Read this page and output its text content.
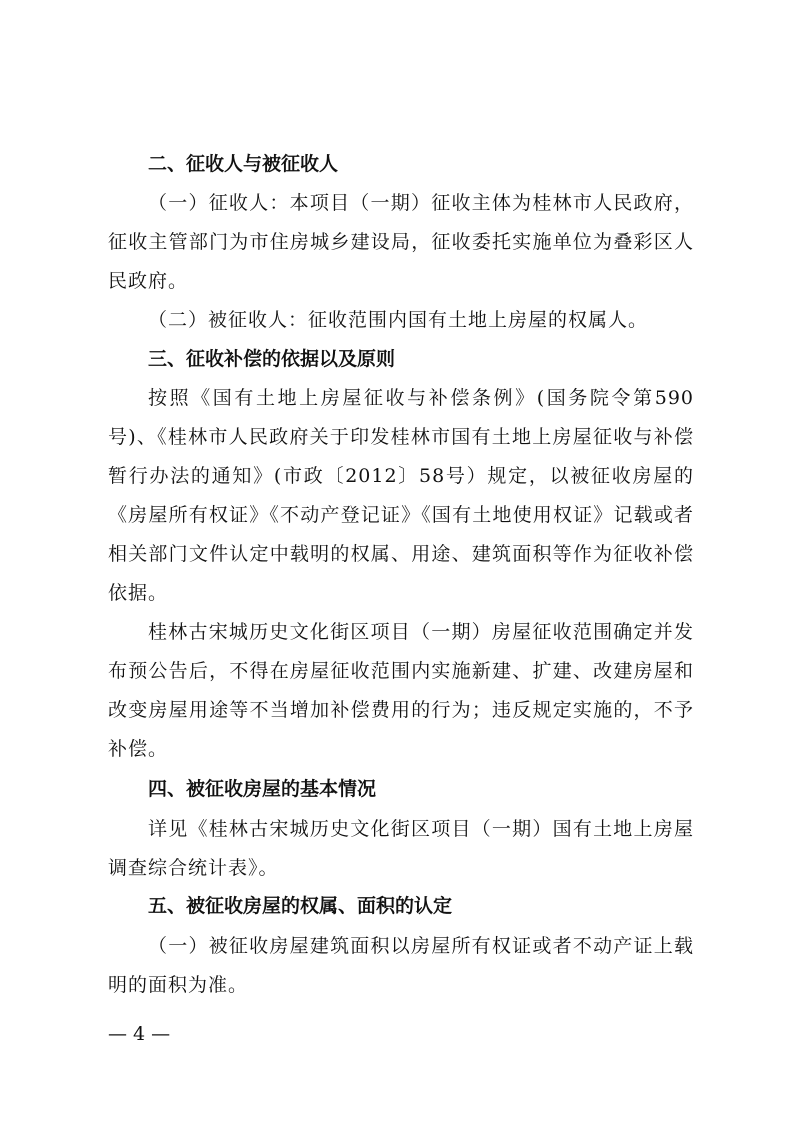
二、征收人与被征收人

（一）征收人：本项目（一期）征收主体为桂林市人民政府，征收主管部门为市住房城乡建设局，征收委托实施单位为叠彩区人民政府。

（二）被征收人：征收范围内国有土地上房屋的权属人。

三、征收补偿的依据以及原则

按照《国有土地上房屋征收与补偿条例》(国务院令第590号)、《桂林市人民政府关于印发桂林市国有土地上房屋征收与补偿暂行办法的通知》(市政〔2012〕58号）规定，以被征收房屋的《房屋所有权证》《不动产登记证》《国有土地使用权证》记载或者相关部门文件认定中载明的权属、用途、建筑面积等作为征收补偿依据。

桂林古宋城历史文化街区项目（一期）房屋征收范围确定并发布预公告后，不得在房屋征收范围内实施新建、扩建、改建房屋和改变房屋用途等不当增加补偿费用的行为；违反规定实施的，不予补偿。

四、被征收房屋的基本情况

详见《桂林古宋城历史文化街区项目（一期）国有土地上房屋调查综合统计表》。

五、被征收房屋的权属、面积的认定

（一）被征收房屋建筑面积以房屋所有权证或者不动产证上载明的面积为准。

— 4 —
